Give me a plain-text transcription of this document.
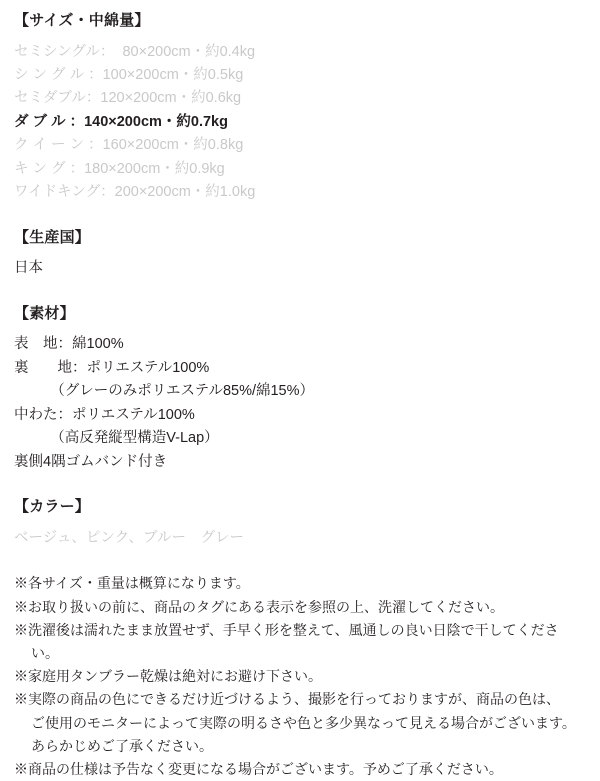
【サイズ・中綿量】
セミシングル：  80×200cm・約0.4kg
シ ン グ ル ：100×200cm・約0.5kg
セミダブル：120×200cm・約0.6kg
ダ ブ ル ：140×200cm・約0.7kg
ク イ ー ン ：160×200cm・約0.8kg
キ ン グ ：180×200cm・約0.9kg
ワイドキング：200×200cm・約1.0kg
【生産国】
日本
【素材】
表　地：綿100%
裏　　地：ポリエステル100%
　　　（グレーのみポリエステル85%/綿15%）
中わた：ポリエステル100%
　　　（高反発縦型構造V-Lap）
裏側4隅ゴムバンド付き
【カラー】
ベージュ、ピンク、ブルー　グレー
※各サイズ・重量は概算になります。
※お取り扱いの前に、商品のタグにある表示を参照の上、洗濯してください。
※洗濯後は濡れたまま放置せず、手早く形を整えて、風通しの良い日陰で干してください。
※家庭用タンブラー乾燥は絶対にお避け下さい。
※実際の商品の色にできるだけ近づけるよう、撮影を行っておりますが、商品の色は、
ご使用のモニターによって実際の明るさや色と多少異なって見える場合がございます。
あらかじめご了承ください。
※商品の仕様は予告なく変更になる場合がございます。予めご了承ください。
